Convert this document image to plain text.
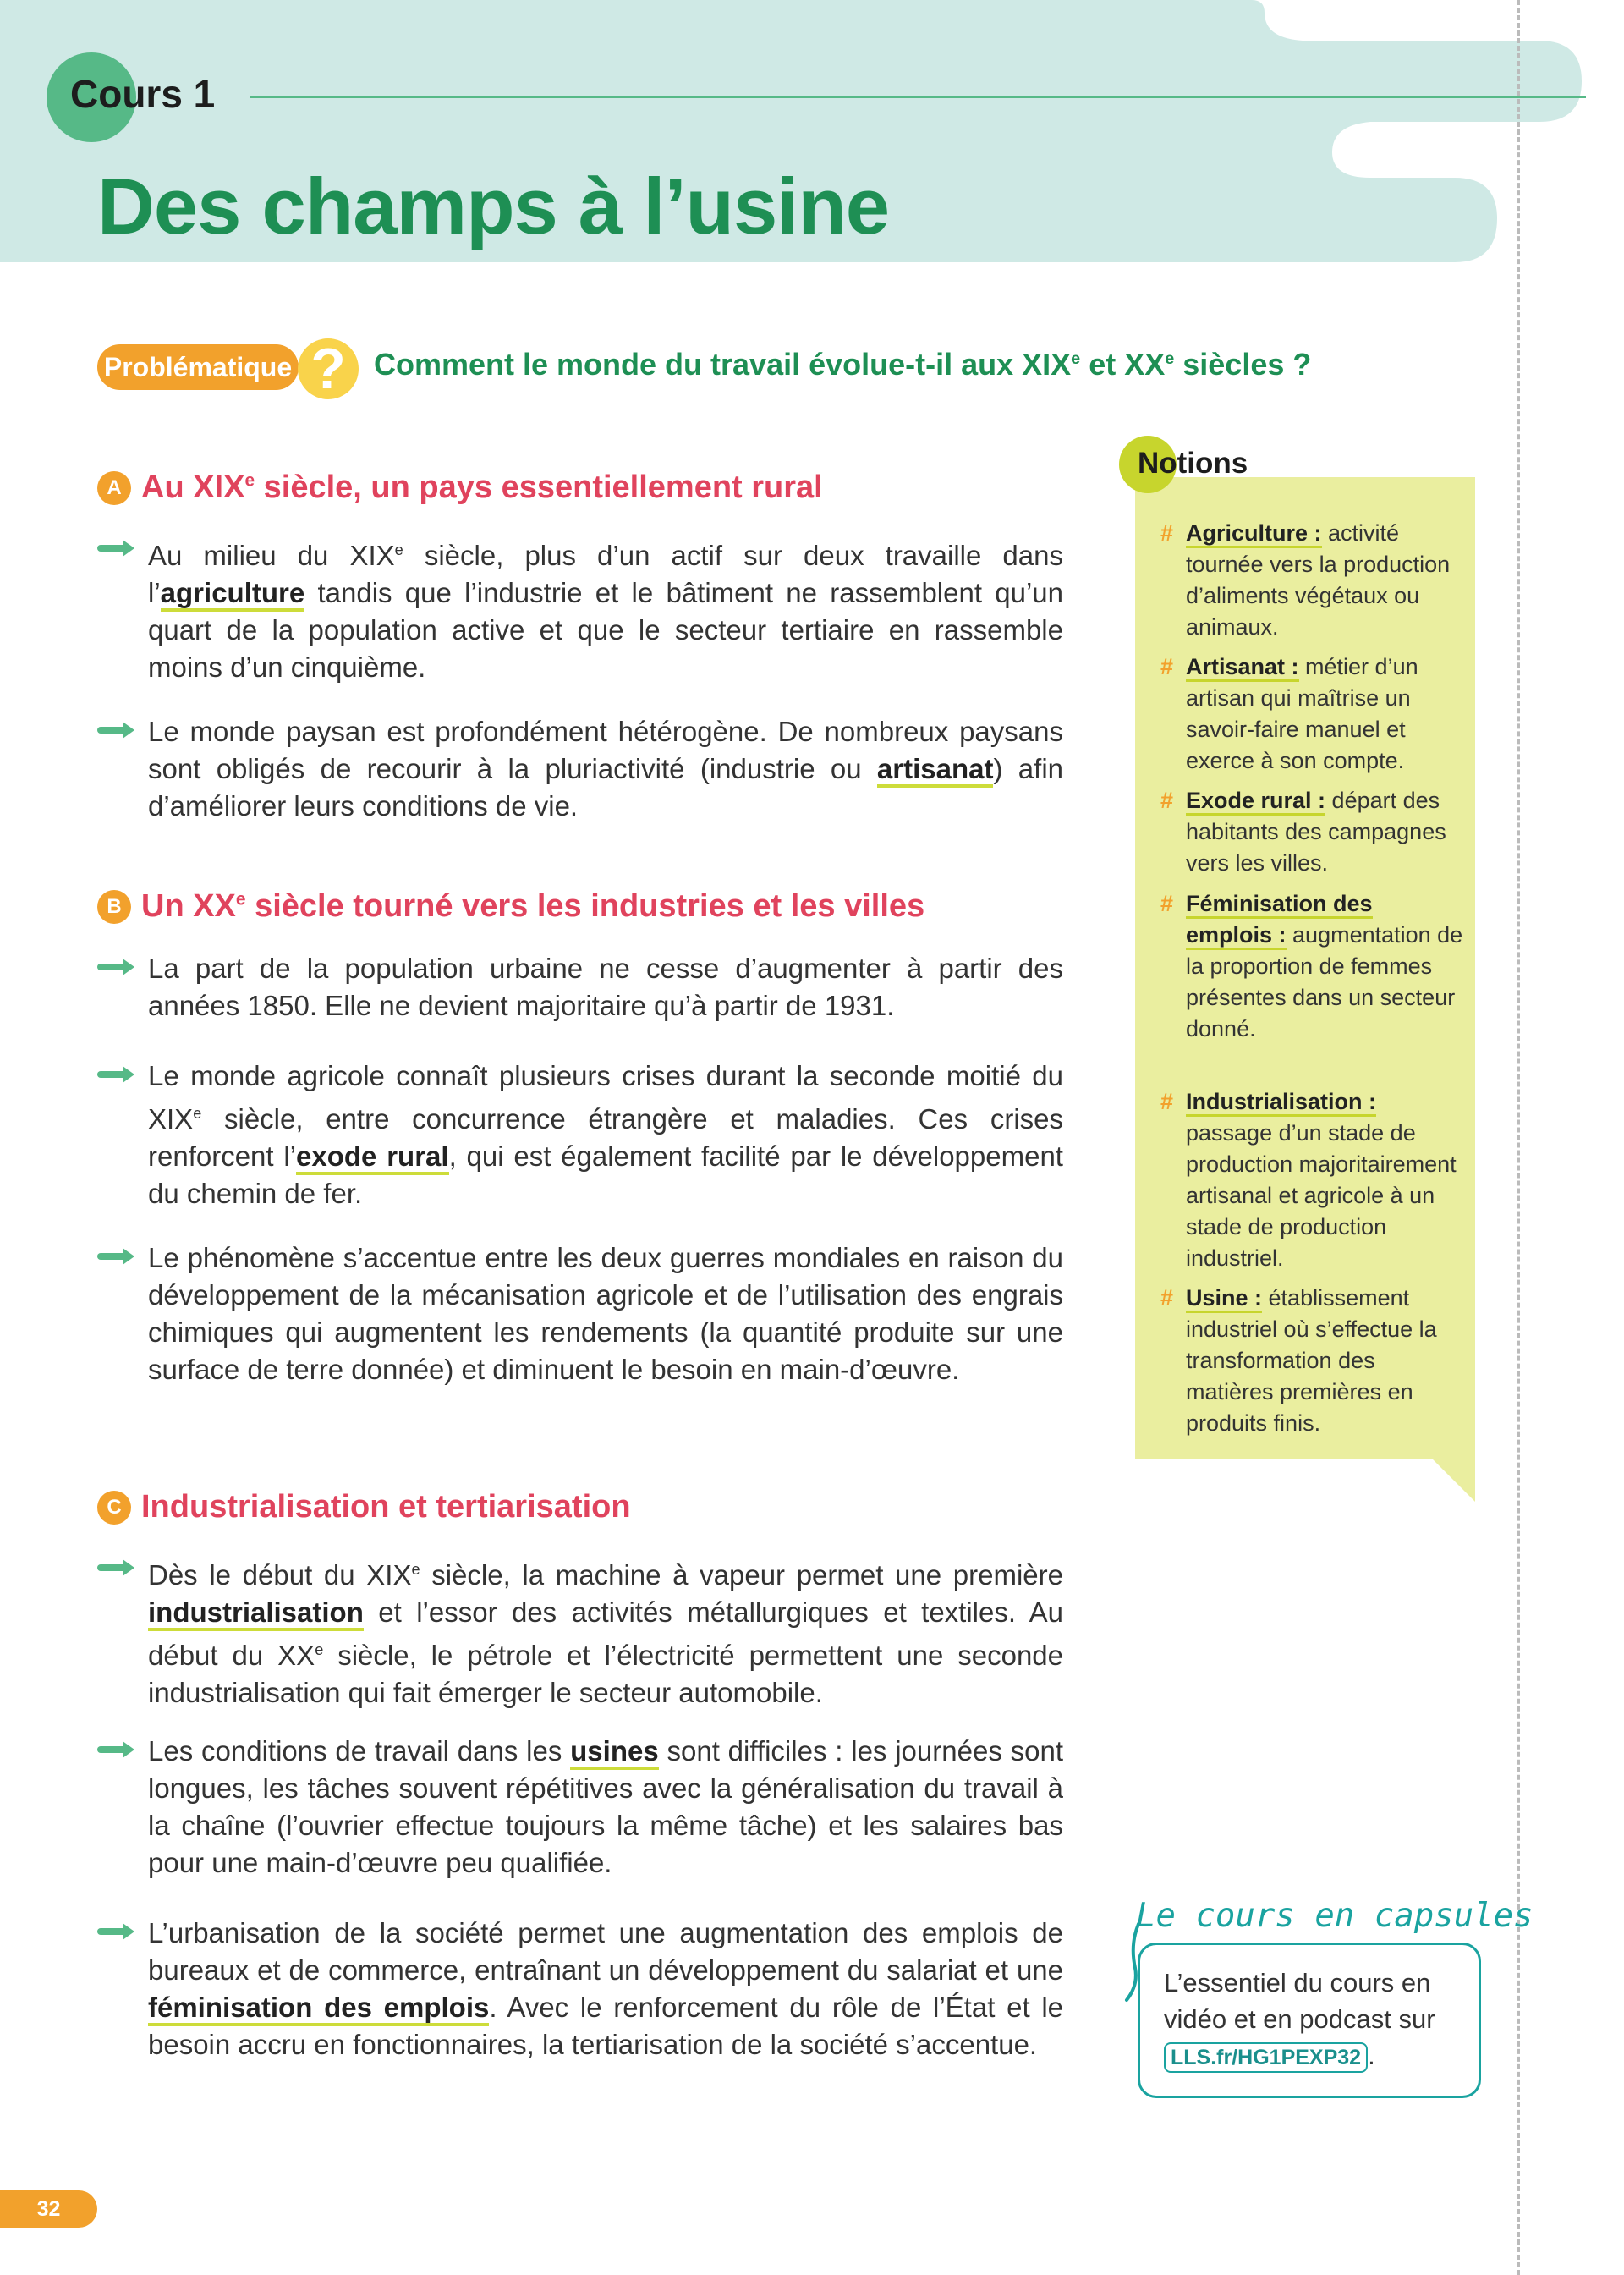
Cours 1
Des champs à l’usine
Problématique ? Comment le monde du travail évolue-t-il aux XIXe et XXe siècles ?
A Au XIXe siècle, un pays essentiellement rural

Au milieu du XIXe siècle, plus d’un actif sur deux travaille dans l’agriculture tandis que l’industrie et le bâtiment ne rassemblent qu’un quart de la population active et que le secteur tertiaire en rassemble moins d’un cinquième.

Le monde paysan est profondément hétérogène. De nombreux paysans sont obligés de recourir à la pluriactivité (industrie ou artisanat) afin d’améliorer leurs conditions de vie.

B Un XXe siècle tourné vers les industries et les villes

La part de la population urbaine ne cesse d’augmenter à partir des années 1850. Elle ne devient majoritaire qu’à partir de 1931.

Le monde agricole connaît plusieurs crises durant la seconde moitié du XIXe siècle, entre concurrence étrangère et maladies. Ces crises renforcent l’exode rural, qui est également facilité par le développement du chemin de fer.

Le phénomène s’accentue entre les deux guerres mondiales en raison du développement de la mécanisation agricole et de l’utilisation des engrais chimiques qui augmentent les rendements (la quantité produite sur une surface de terre donnée) et diminuent le besoin en main-d’œuvre.

C Industrialisation et tertiarisation

Dès le début du XIXe siècle, la machine à vapeur permet une première industrialisation et l’essor des activités métallurgiques et textiles. Au début du XXe siècle, le pétrole et l’électricité permettent une seconde industrialisation qui fait émerger le secteur automobile.

Les conditions de travail dans les usines sont difficiles : les journées sont longues, les tâches souvent répétitives avec la généralisation du travail à la chaîne (l’ouvrier effectue toujours la même tâche) et les salaires bas pour une main-d’œuvre peu qualifiée.

L’urbanisation de la société permet une augmentation des emplois de bureaux et de commerce, entraînant un développement du salariat et une féminisation des emplois. Avec le renforcement du rôle de l’État et le besoin accru en fonctionnaires, la tertiarisation de la société s’accentue.

Notions
# Agriculture : activité tournée vers la production d’aliments végétaux ou animaux.
# Artisanat : métier d’un artisan qui maîtrise un savoir-faire manuel et exerce à son compte.
# Exode rural : départ des habitants des campagnes vers les villes.
# Féminisation des emplois : augmentation de la proportion de femmes présentes dans un secteur donné.
# Industrialisation : passage d’un stade de production majoritairement artisanal et agricole à un stade de production industriel.
# Usine : établissement industriel où s’effectue la transformation des matières premières en produits finis.
Le cours en capsules
L’essentiel du cours en vidéo et en podcast sur LLS.fr/HG1PEXP32 .
32
